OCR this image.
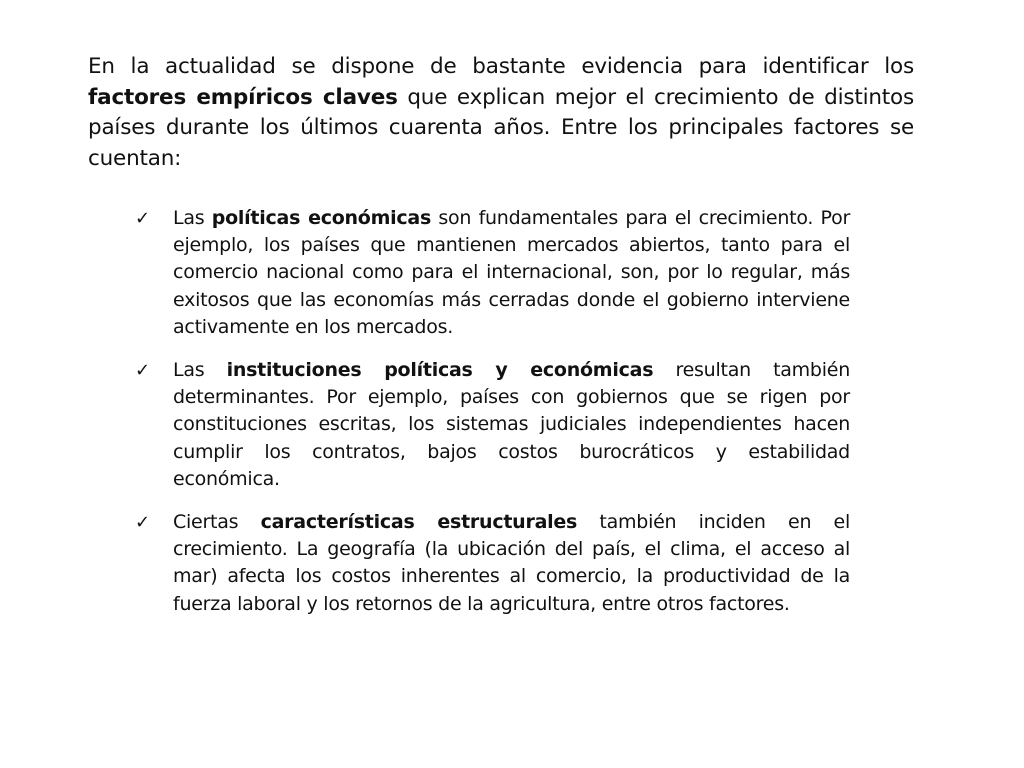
En la actualidad se dispone de bastante evidencia para identificar los factores empíricos claves que explican mejor el crecimiento de distintos países durante los últimos cuarenta años. Entre los principales factores se cuentan:

✓ Las políticas económicas son fundamentales para el crecimiento. Por ejemplo, los países que mantienen mercados abiertos, tanto para el comercio nacional como para el internacional, son, por lo regular, más exitosos que las economías más cerradas donde el gobierno interviene activamente en los mercados.
✓ Las instituciones políticas y económicas resultan también determinantes. Por ejemplo, países con gobiernos que se rigen por constituciones escritas, los sistemas judiciales independientes hacen cumplir los contratos, bajos costos burocráticos y estabilidad económica.
✓ Ciertas características estructurales también inciden en el crecimiento. La geografía (la ubicación del país, el clima, el acceso al mar) afecta los costos inherentes al comercio, la productividad de la fuerza laboral y los retornos de la agricultura, entre otros factores.
